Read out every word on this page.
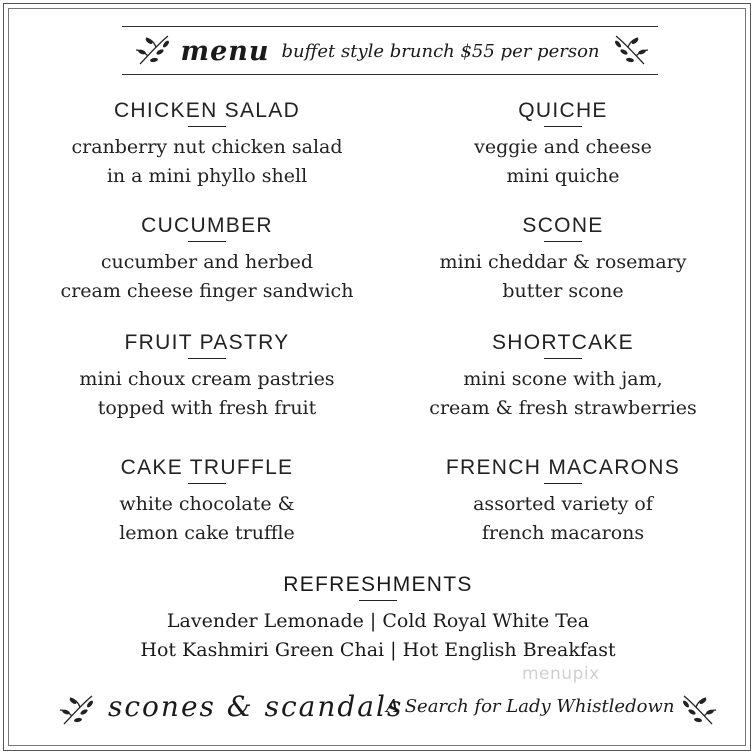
menu buffet style brunch $55 per person
CHICKEN SALAD
cranberry nut chicken salad
in a mini phyllo shell
QUICHE
veggie and cheese
mini quiche
CUCUMBER
cucumber and herbed
cream cheese finger sandwich
SCONE
mini cheddar & rosemary
butter scone
FRUIT PASTRY
mini choux cream pastries
topped with fresh fruit
SHORTCAKE
mini scone with jam,
cream & fresh strawberries
CAKE TRUFFLE
white chocolate &
lemon cake truffle
FRENCH MACARONS
assorted variety of
french macarons
REFRESHMENTS
Lavender Lemonade | Cold Royal White Tea
Hot Kashmiri Green Chai | Hot English Breakfast
menupix
scones & scandals
A Search for Lady Whistledown
